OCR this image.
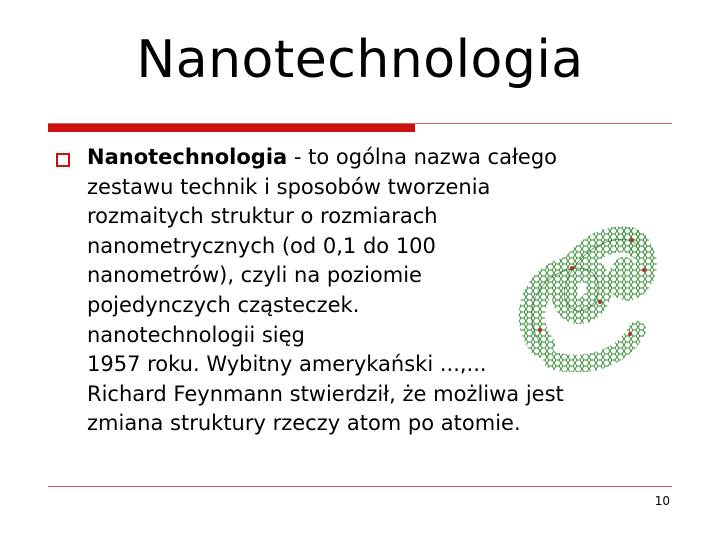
Nanotechnologia
Nanotechnologia - to ogólna nazwa całego
zestawu technik i sposobów tworzenia
rozmaitych struktur o rozmiarach
nanometrycznych (od 0,1 do 100
nanometrów), czyli na poziomie
pojedynczych cząsteczek.
nanotechnologii sięg
1957 roku. Wybitny amerykański ...,...
Richard Feynmann stwierdził, że możliwa jest
zmiana struktury rzeczy atom po atomie.
10
